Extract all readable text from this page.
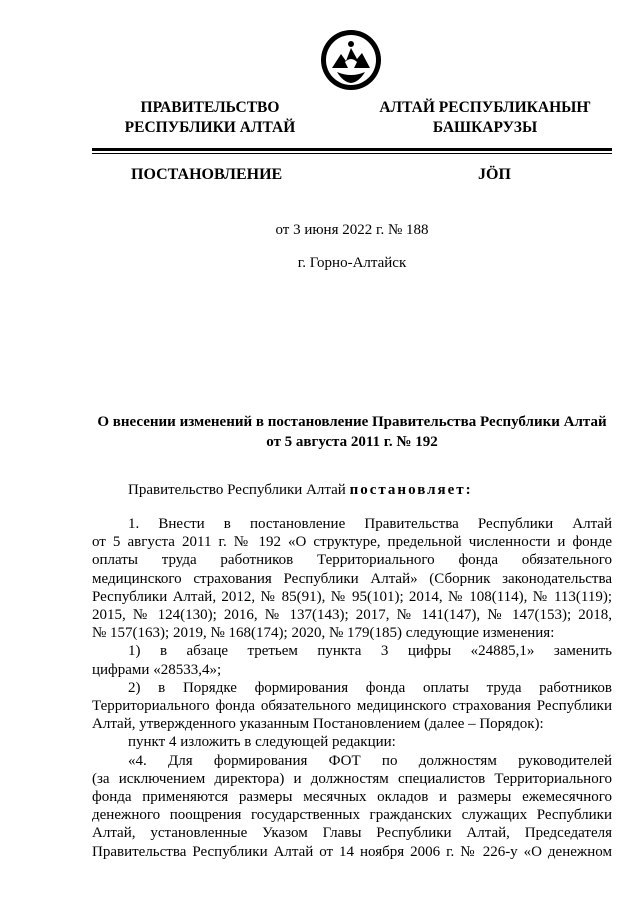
ПРАВИТЕЛЬСТВО
РЕСПУБЛИКИ АЛТАЙ
АЛТАЙ РЕСПУБЛИКАНЫҤ
БАШКАРУЗЫ
ПОСТАНОВЛЕНИЕ	JӦП
от 3 июня 2022 г. № 188
г. Горно-Алтайск
О внесении изменений в постановление Правительства Республики Алтай
от 5 августа 2011 г. № 192
Правительство Республики Алтай постановляет:

1. Внести в постановление Правительства Республики Алтай

от 5 августа 2011 г. № 192 «О структуре, предельной численности и фонде

оплаты труда работников Территориального фонда обязательного

медицинского страхования Республики Алтай» (Сборник законодательства

Республики Алтай, 2012, № 85(91), № 95(101); 2014, № 108(114), № 113(119);

2015, № 124(130); 2016, № 137(143); 2017, № 141(147), № 147(153); 2018,

№ 157(163); 2019, № 168(174); 2020, № 179(185) следующие изменения:

1) в абзаце третьем пункта 3 цифры «24885,1» заменить

цифрами «28533,4»;

2) в Порядке формирования фонда оплаты труда работников

Территориального фонда обязательного медицинского страхования Республики

Алтай, утвержденного указанным Постановлением (далее – Порядок):

пункт 4 изложить в следующей редакции:

«4. Для формирования ФОТ по должностям руководителей

(за исключением директора) и должностям специалистов Территориального

фонда применяются размеры месячных окладов и размеры ежемесячного

денежного поощрения государственных гражданских служащих Республики

Алтай, установленные Указом Главы Республики Алтай, Председателя

Правительства Республики Алтай от 14 ноября 2006 г. № 226-у «О денежном
